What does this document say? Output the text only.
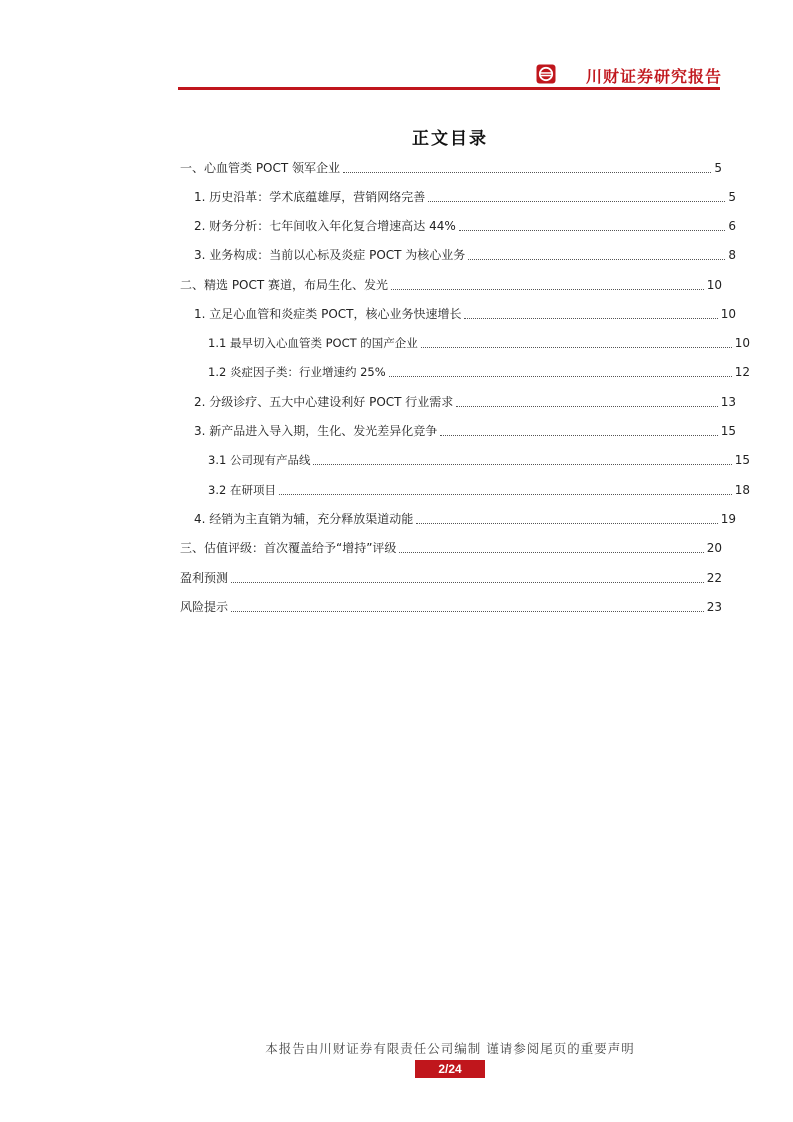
川财证券研究报告
正文目录
一、心血管类 POCT 领军企业	5
1. 历史沿革：学术底蕴雄厚，营销网络完善	5
2. 财务分析：七年间收入年化复合增速高达 44%	6
3. 业务构成：当前以心标及炎症 POCT 为核心业务	8
二、精选 POCT 赛道，布局生化、发光	10
1. 立足心血管和炎症类 POCT，核心业务快速增长	10
1.1 最早切入心血管类 POCT 的国产企业	10
1.2 炎症因子类：行业增速约 25%	12
2. 分级诊疗、五大中心建设利好 POCT 行业需求	13
3. 新产品进入导入期，生化、发光差异化竞争	15
3.1 公司现有产品线	15
3.2 在研项目	18
4. 经销为主直销为辅，充分释放渠道动能	19
三、估值评级：首次覆盖给予“增持”评级	20
盈利预测	22
风险提示	23
本报告由川财证券有限责任公司编制 谨请参阅尾页的重要声明
2/24
